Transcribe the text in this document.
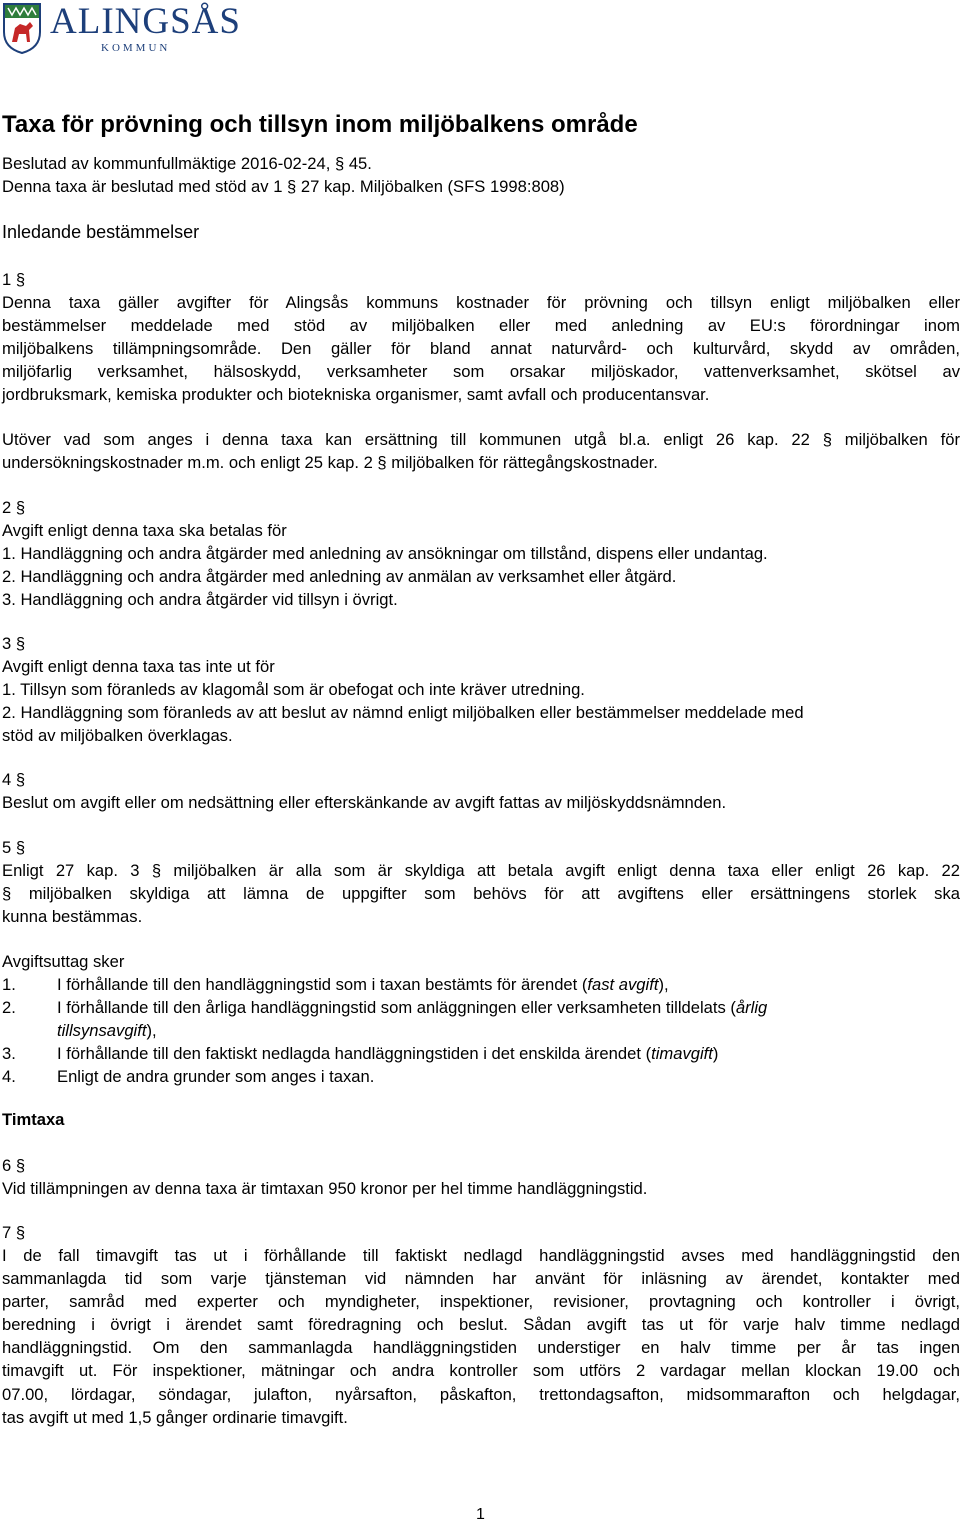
ALINGSÅS
KOMMUN
Taxa för prövning och tillsyn inom miljöbalkens område
Beslutad av kommunfullmäktige 2016-02-24, § 45.
Denna taxa är beslutad med stöd av 1 § 27 kap. Miljöbalken (SFS 1998:808)
Inledande bestämmelser
1 §
Denna taxa gäller avgifter för Alingsås kommuns kostnader för prövning och tillsyn enligt miljöbalken eller
bestämmelser meddelade med stöd av miljöbalken eller med anledning av EU:s förordningar inom
miljöbalkens tillämpningsområde. Den gäller för bland annat naturvård- och kulturvård, skydd av områden,
miljöfarlig verksamhet, hälsoskydd, verksamheter som orsakar miljöskador, vattenverksamhet, skötsel av
jordbruksmark, kemiska produkter och biotekniska organismer, samt avfall och producentansvar.
Utöver vad som anges i denna taxa kan ersättning till kommunen utgå bl.a. enligt 26 kap. 22 § miljöbalken för
undersökningskostnader m.m. och enligt 25 kap. 2 § miljöbalken för rättegångskostnader.
2 §
Avgift enligt denna taxa ska betalas för
1. Handläggning och andra åtgärder med anledning av ansökningar om tillstånd, dispens eller undantag.
2. Handläggning och andra åtgärder med anledning av anmälan av verksamhet eller åtgärd.
3. Handläggning och andra åtgärder vid tillsyn i övrigt.
3 §
Avgift enligt denna taxa tas inte ut för
1. Tillsyn som föranleds av klagomål som är obefogat och inte kräver utredning.
2. Handläggning som föranleds av att beslut av nämnd enligt miljöbalken eller bestämmelser meddelade med
stöd av miljöbalken överklagas.
4 §
Beslut om avgift eller om nedsättning eller efterskänkande av avgift fattas av miljöskyddsnämnden.
5 §
Enligt 27 kap. 3 § miljöbalken är alla som är skyldiga att betala avgift enligt denna taxa eller enligt 26 kap. 22
§ miljöbalken skyldiga att lämna de uppgifter som behövs för att avgiftens eller ersättningens storlek ska
kunna bestämmas.
Avgiftsuttag sker
1. I förhållande till den handläggningstid som i taxan bestämts för ärendet (fast avgift),
2. I förhållande till den årliga handläggningstid som anläggningen eller verksamheten tilldelats (årlig
tillsynsavgift),
3. I förhållande till den faktiskt nedlagda handläggningstiden i det enskilda ärendet (timavgift)
4. Enligt de andra grunder som anges i taxan.
Timtaxa
6 §
Vid tillämpningen av denna taxa är timtaxan 950 kronor per hel timme handläggningstid.
7 §
I de fall timavgift tas ut i förhållande till faktiskt nedlagd handläggningstid avses med handläggningstid den
sammanlagda tid som varje tjänsteman vid nämnden har använt för inläsning av ärendet, kontakter med
parter, samråd med experter och myndigheter, inspektioner, revisioner, provtagning och kontroller i övrigt,
beredning i övrigt i ärendet samt föredragning och beslut. Sådan avgift tas ut för varje halv timme nedlagd
handläggningstid. Om den sammanlagda handläggningstiden understiger en halv timme per år tas ingen
timavgift ut. För inspektioner, mätningar och andra kontroller som utförs 2 vardagar mellan klockan 19.00 och
07.00, lördagar, söndagar, julafton, nyårsafton, påskafton, trettondagsafton, midsommarafton och helgdagar,
tas avgift ut med 1,5 gånger ordinarie timavgift.
1
